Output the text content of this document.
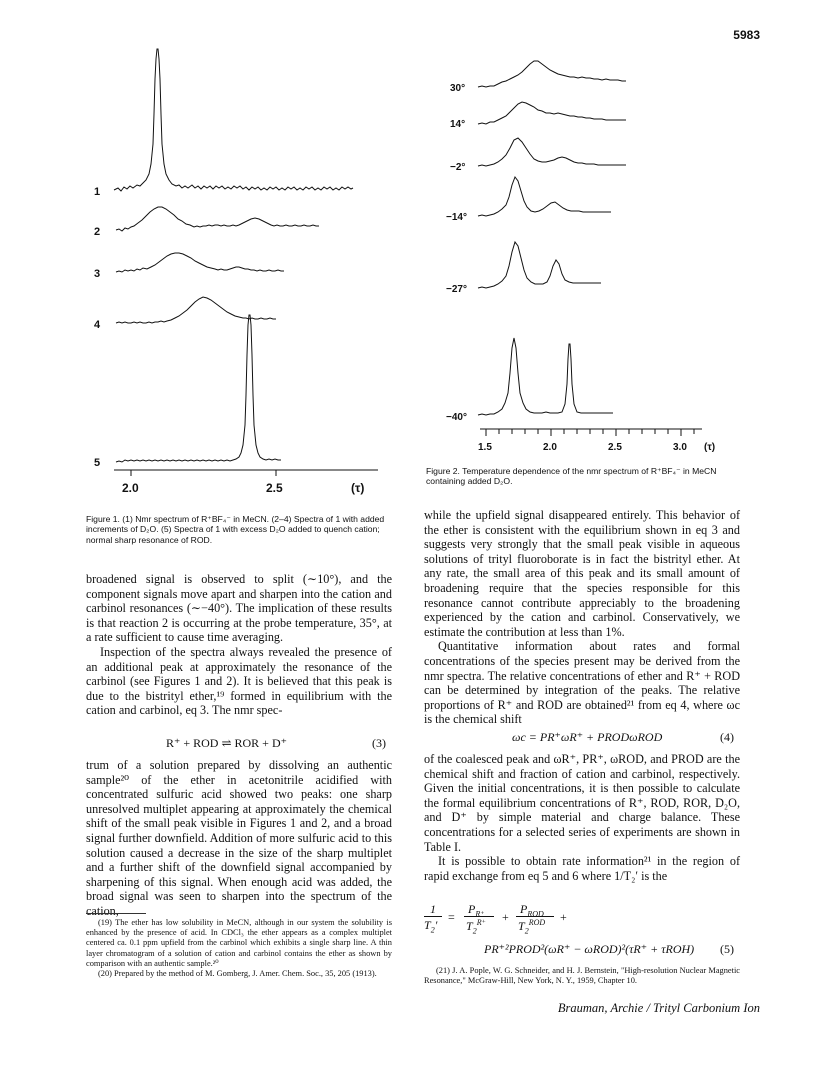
5983
1
2
3
4
5
2.0	2.5	(τ)
Figure 1. (1) Nmr spectrum of R⁺BF₄⁻ in MeCN. (2–4) Spectra of 1 with added increments of D₂O. (5) Spectra of 1 with excess D₂O added to quench cation; normal sharp resonance of ROD.
30°
14°
−2°
−14°
−27°
−40°
1.5	2.0	2.5	3.0 (τ)
Figure 2. Temperature dependence of the nmr spectrum of R⁺BF₄⁻ in MeCN containing added D₂O.

broadened signal is observed to split (∼10°), and the component signals move apart and sharpen into the cation and carbinol resonances (∼−40°). The implication of these results is that reaction 2 is occurring at the probe temperature, 35°, at a rate sufficient to cause time averaging.

Inspection of the spectra always revealed the presence of an additional peak at approximately the resonance of the carbinol (see Figures 1 and 2). It is believed that this peak is due to the bistrityl ether,¹⁹ formed in equilibrium with the cation and carbinol, eq 3. The nmr spec-

R⁺ + ROD ⇌ ROR + D⁺	(3)

trum of a solution prepared by dissolving an authentic sample²⁰ of the ether in acetonitrile acidified with concentrated sulfuric acid showed two peaks: one sharp unresolved multiplet appearing at approximately the chemical shift of the small peak visible in Figures 1 and 2, and a broad signal further downfield. Addition of more sulfuric acid to this solution caused a decrease in the size of the sharp multiplet and a further shift of the downfield signal accompanied by sharpening of this signal. When enough acid was added, the broad signal was seen to sharpen into the spectrum of the cation,

(19) The ether has low solubility in MeCN, although in our system the solubility is enhanced by the presence of acid. In CDCl₃ the ether appears as a complex multiplet centered ca. 0.1 ppm upfield from the carbinol which exhibits a single sharp line. A thin layer chromatogram of a solution of cation and carbinol contains the ether as shown by comparison with an authentic sample.²⁰

(20) Prepared by the method of M. Gomberg, J. Amer. Chem. Soc., 35, 205 (1913).

while the upfield signal disappeared entirely. This behavior of the ether is consistent with the equilibrium shown in eq 3 and suggests very strongly that the small peak visible in aqueous solutions of trityl fluoroborate is in fact the bistrityl ether. At any rate, the small area of this peak and its small amount of broadening require that the species responsible for this resonance cannot contribute appreciably to the broadening experienced by the cation and carbinol. Conservatively, we estimate the contribution at less than 1%.

Quantitative information about rates and formal concentrations of the species present may be derived from the nmr spectra. The relative concentrations of ether and R⁺ + ROD can be determined by integration of the peaks. The relative proportions of R⁺ and ROD are obtained²¹ from eq 4, where ωc is the chemical shift

ωc = PR⁺ωR⁺ + PRODωROD	(4)

of the coalesced peak and ωR⁺, PR⁺, ωROD, and PROD are the chemical shift and fraction of cation and carbinol, respectively. Given the initial concentrations, it is then possible to calculate the formal equilibrium concentrations of R⁺, ROD, ROR, D₂O, and D⁺ by simple material and charge balance. These concentrations for a selected series of experiments are shown in Table I.

It is possible to obtain rate information²¹ in the region of rapid exchange from eq 5 and 6 where 1/T₂′ is the

1
$T_2'$
=
$P_{R^+}$
$T_2^{R^+}$ +
$P_{ROD}$
$T_2^{ROD}$ +
PR⁺²PROD²(ωR⁺ − ωROD)²(τR⁺ + τROH) (5)

(21) J. A. Pople, W. G. Schneider, and H. J. Bernstein, "High-resolution Nuclear Magnetic Resonance," McGraw-Hill, New York, N. Y., 1959, Chapter 10.

Brauman, Archie / Trityl Carbonium Ion
